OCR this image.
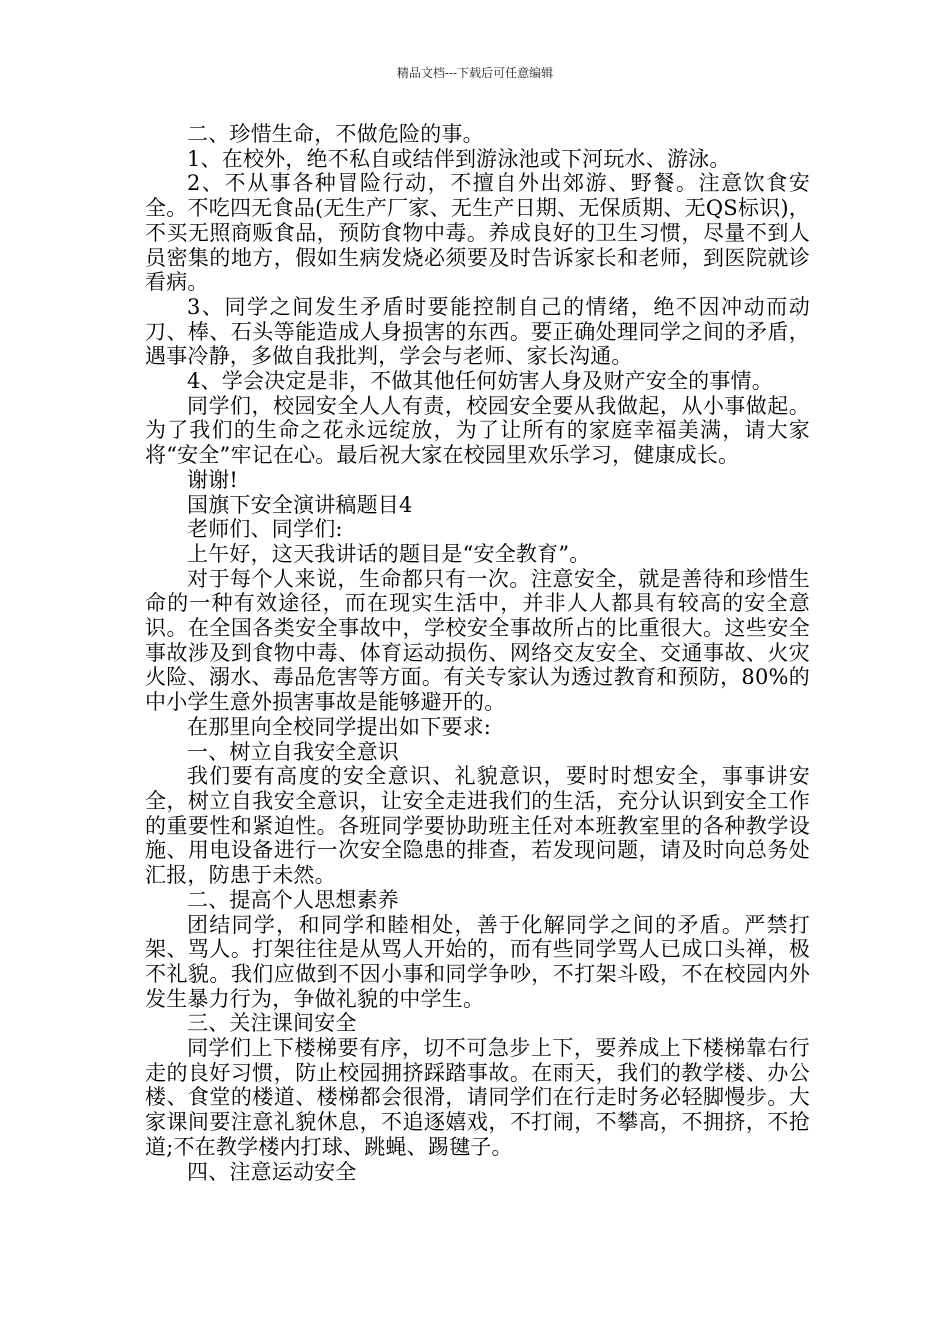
精品文档---下载后可任意编辑

二、珍惜生命，不做危险的事。

1、在校外，绝不私自或结伴到游泳池或下河玩水、游泳。

2、不从事各种冒险行动，不擅自外出郊游、野餐。注意饮食安全。不吃四无食品(无生产厂家、无生产日期、无保质期、无QS标识)，不买无照商贩食品，预防食物中毒。养成良好的卫生习惯，尽量不到人员密集的地方，假如生病发烧必须要及时告诉家长和老师，到医院就诊看病。

3、同学之间发生矛盾时要能控制自己的情绪，绝不因冲动而动刀、棒、石头等能造成人身损害的东西。要正确处理同学之间的矛盾，遇事冷静，多做自我批判，学会与老师、家长沟通。

4、学会决定是非，不做其他任何妨害人身及财产安全的事情。

同学们，校园安全人人有责，校园安全要从我做起，从小事做起。为了我们的生命之花永远绽放，为了让所有的家庭幸福美满，请大家将“安全”牢记在心。最后祝大家在校园里欢乐学习，健康成长。

谢谢!

国旗下安全演讲稿题目4

老师们、同学们:

上午好，这天我讲话的题目是“安全教育”。

对于每个人来说，生命都只有一次。注意安全，就是善待和珍惜生命的一种有效途径，而在现实生活中，并非人人都具有较高的安全意识。在全国各类安全事故中，学校安全事故所占的比重很大。这些安全事故涉及到食物中毒、体育运动损伤、网络交友安全、交通事故、火灾火险、溺水、毒品危害等方面。有关专家认为透过教育和预防，80%的中小学生意外损害事故是能够避开的。

在那里向全校同学提出如下要求:

一、树立自我安全意识

我们要有高度的安全意识、礼貌意识，要时时想安全，事事讲安全，树立自我安全意识，让安全走进我们的生活，充分认识到安全工作的重要性和紧迫性。各班同学要协助班主任对本班教室里的各种教学设施、用电设备进行一次安全隐患的排查，若发现问题，请及时向总务处汇报，防患于未然。

二、提高个人思想素养

团结同学，和同学和睦相处，善于化解同学之间的矛盾。严禁打架、骂人。打架往往是从骂人开始的，而有些同学骂人已成口头禅，极不礼貌。我们应做到不因小事和同学争吵，不打架斗殴，不在校园内外发生暴力行为，争做礼貌的中学生。

三、关注课间安全

同学们上下楼梯要有序，切不可急步上下，要养成上下楼梯靠右行走的良好习惯，防止校园拥挤踩踏事故。在雨天，我们的教学楼、办公楼、食堂的楼道、楼梯都会很滑，请同学们在行走时务必轻脚慢步。大家课间要注意礼貌休息，不追逐嬉戏，不打闹，不攀高，不拥挤，不抢道;不在教学楼内打球、跳蝇、踢毽子。

四、注意运动安全
